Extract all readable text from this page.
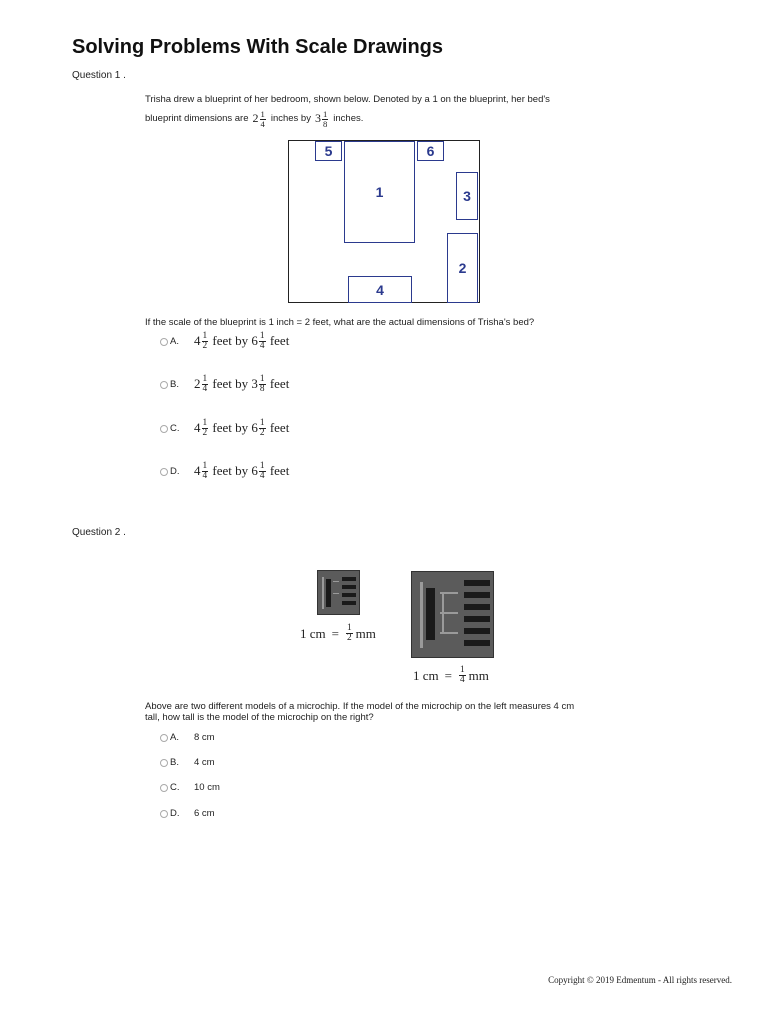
Solving Problems With Scale Drawings
Question 1 .
Trisha drew a blueprint of her bedroom, shown below. Denoted by a 1 on the blueprint, her bed's
blueprint dimensions are $2 \frac{1}{4}$ inches by $3 \frac{1}{8}$ inches.
1
2
3
4
5	6
If the scale of the blueprint is 1 inch = 2 feet, what are the actual dimensions of Trisha's bed?
A.	$4 \frac{1}{2}$ feet by $6 \frac{1}{4}$ feet
B.	$2 \frac{1}{4}$ feet by $3 \frac{1}{8}$ feet
C.	$4 \frac{1}{2}$ feet by $6 \frac{1}{2}$ feet
D.	$4 \frac{1}{4}$ feet by $6 \frac{1}{4}$ feet
Question 2 .
1 cm = $\frac{1}{2}$ mm
1 cm = $\frac{1}{4}$ mm
Above are two different models of a microchip. If the model of the microchip on the left measures 4 cm
tall, how tall is the model of the microchip on the right?
A.	8 cm
B.	4 cm
C.	10 cm
D.	6 cm
Copyright © 2019 Edmentum - All rights reserved.
